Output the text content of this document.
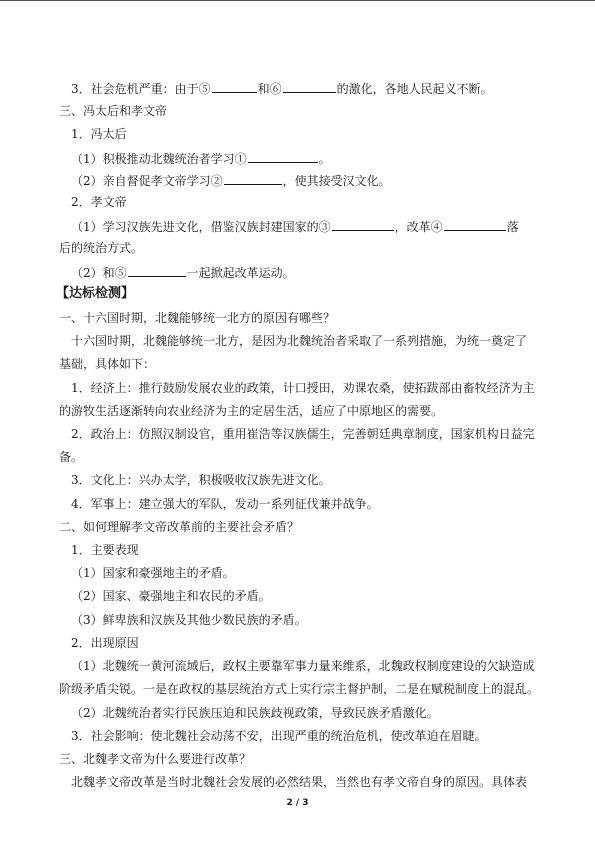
3．社会危机严重：由于⑤	和⑥	的激化，各地人民起义不断。
三、冯太后和孝文帝
1．冯太后
（1）积极推动北魏统治者学习①	。
（2）亲自督促孝文帝学习②	，使其接受汉文化。
2．孝文帝
（1）学习汉族先进文化，借鉴汉族封建国家的③	，改革④	落
后的统治方式。
（2）和⑤	一起掀起改革运动。
【达标检测】
一、十六国时期，北魏能够统一北方的原因有哪些？
十六国时期，北魏能够统一北方，是因为北魏统治者采取了一系列措施，为统一奠定了
基础，具体如下：
1．经济上：推行鼓励发展农业的政策，计口授田，劝课农桑，使拓跋部由畜牧经济为主
的游牧生活逐渐转向农业经济为主的定居生活，适应了中原地区的需要。
2．政治上：仿照汉制设官，重用崔浩等汉族儒生，完善朝廷典章制度，国家机构日益完
备。
3．文化上：兴办太学，积极吸收汉族先进文化。
4．军事上：建立强大的军队，发动一系列征伐兼并战争。
二、如何理解孝文帝改革前的主要社会矛盾？
1．主要表现
（1）国家和豪强地主的矛盾。
（2）国家、豪强地主和农民的矛盾。
（3）鲜卑族和汉族及其他少数民族的矛盾。
2．出现原因
（1）北魏统一黄河流域后，政权主要靠军事力量来维系，北魏政权制度建设的欠缺造成
阶级矛盾尖锐。一是在政权的基层统治方式上实行宗主督护制，二是在赋税制度上的混乱。
（2）北魏统治者实行民族压迫和民族歧视政策，导致民族矛盾激化。
3．社会影响：使北魏社会动荡不安，出现严重的统治危机，使改革迫在眉睫。
三、北魏孝文帝为什么要进行改革？
北魏孝文帝改革是当时北魏社会发展的必然结果，当然也有孝文帝自身的原因。具体表
2 / 3
